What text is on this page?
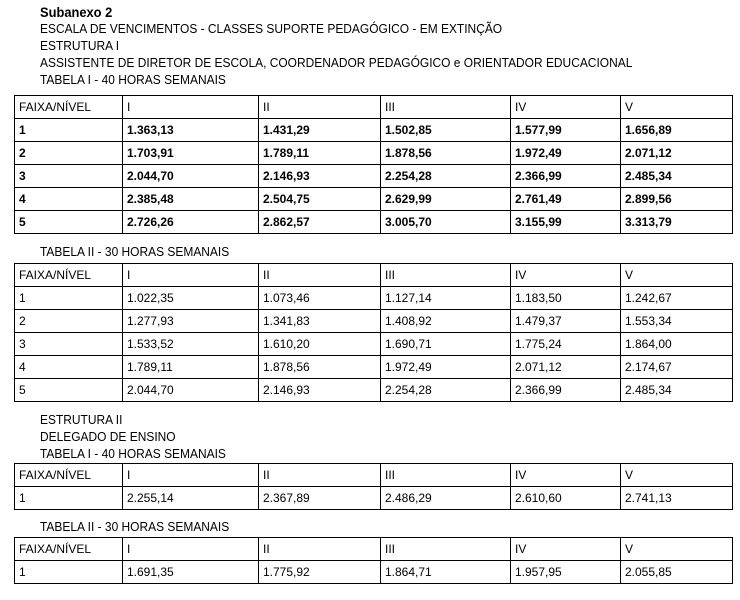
Subanexo 2
ESCALA DE VENCIMENTOS - CLASSES SUPORTE PEDAGÓGICO - EM EXTINÇÃO
ESTRUTURA I
ASSISTENTE DE DIRETOR DE ESCOLA, COORDENADOR PEDAGÓGICO e ORIENTADOR EDUCACIONAL
TABELA I - 40 HORAS SEMANAIS
FAIXA/NÍVEL	I	II	III	IV	V
1	1.363,13	1.431,29	1.502,85	1.577,99	1.656,89
2	1.703,91	1.789,11	1.878,56	1.972,49	2.071,12
3	2.044,70	2.146,93	2.254,28	2.366,99	2.485,34
4	2.385,48	2.504,75	2.629,99	2.761,49	2.899,56
5	2.726,26	2.862,57	3.005,70	3.155,99	3.313,79
TABELA II - 30 HORAS SEMANAIS
FAIXA/NÍVEL	I	II	III	IV	V
1	1.022,35	1.073,46	1.127,14	1.183,50	1.242,67
2	1.277,93	1.341,83	1.408,92	1.479,37	1.553,34
3	1.533,52	1.610,20	1.690,71	1.775,24	1.864,00
4	1.789,11	1.878,56	1.972,49	2.071,12	2.174,67
5	2.044,70	2.146,93	2.254,28	2.366,99	2.485,34
ESTRUTURA II
DELEGADO DE ENSINO
TABELA I - 40 HORAS SEMANAIS
FAIXA/NÍVEL	I	II	III	IV	V
1	2.255,14	2.367,89	2.486,29	2.610,60	2.741,13
TABELA II - 30 HORAS SEMANAIS
FAIXA/NÍVEL	I	II	III	IV	V
1	1.691,35	1.775,92	1.864,71	1.957,95	2.055,85
